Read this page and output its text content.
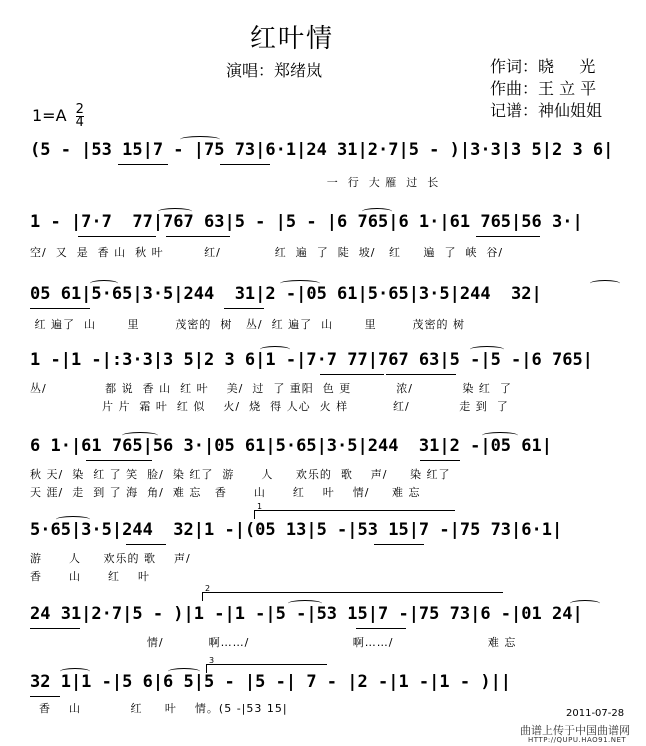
红叶情
演唱：郑绪岚	作词：晓     光
作曲：王 立 平
记谱：神仙姐姐
$1=A \frac{2}{4}$
(5 - |53 15|7 - |75 73|6·1|24 31|2·7|5 - )|3·3|3 5|2 3 6|
一  行  大 雁  过  长
1 - |7·7  77|767 63|5 - |5 - |6 765|6 1·|61 765|56 3·|
空/  又  是  香 山  秋 叶         红/            红  遍  了  陡  坡/   红     遍  了  峡  谷/
05 61|5·65|3·5|244  31|2 -|05 61|5·65|3·5|244  32|
红 遍了  山       里        茂密的  树   丛/  红 遍了  山       里        茂密的 树
1 -|1 -|:3·3|3 5|2 3 6|1 -|7·7 77|767 63|5 -|5 -|6 765|
丛/             都 说  香 山  红 叶    美/  过  了 重阳  色 更          浓/           染 红  了
片 片  霜 叶  红 似    火/  烧  得 人心  火 样          红/           走 到  了
6 1·|61 765|56 3·|05 61|5·65|3·5|244  31|2 -|05 61|
秋 天/  染  红 了 笑  脸/  染 红了  游      人     欢乐的  歌    声/     染 红了
天 涯/  走  到 了 海  角/  难 忘   香      山      红    叶    情/     难 忘
1
5·65|3·5|244  32|1 -|(05 13|5 -|53 15|7 -|75 73|6·1|
游      人     欢乐的 歌    声/
香      山      红    叶
2
24 31|2·7|5 - )|1 -|1 -|5 -|53 15|7 -|75 73|6 -|01 24|
情/          啊……/                       啊……/                     难 忘
3
32 1|1 -|5 6|6 5|5 - |5 -| 7 - |2 -|1 -|1 - )||
香    山           红     叶    情。(5 -|53 15|	2011-07-28
曲谱上传于中国曲谱网
HTTP://QUPU.HAO91.NET
